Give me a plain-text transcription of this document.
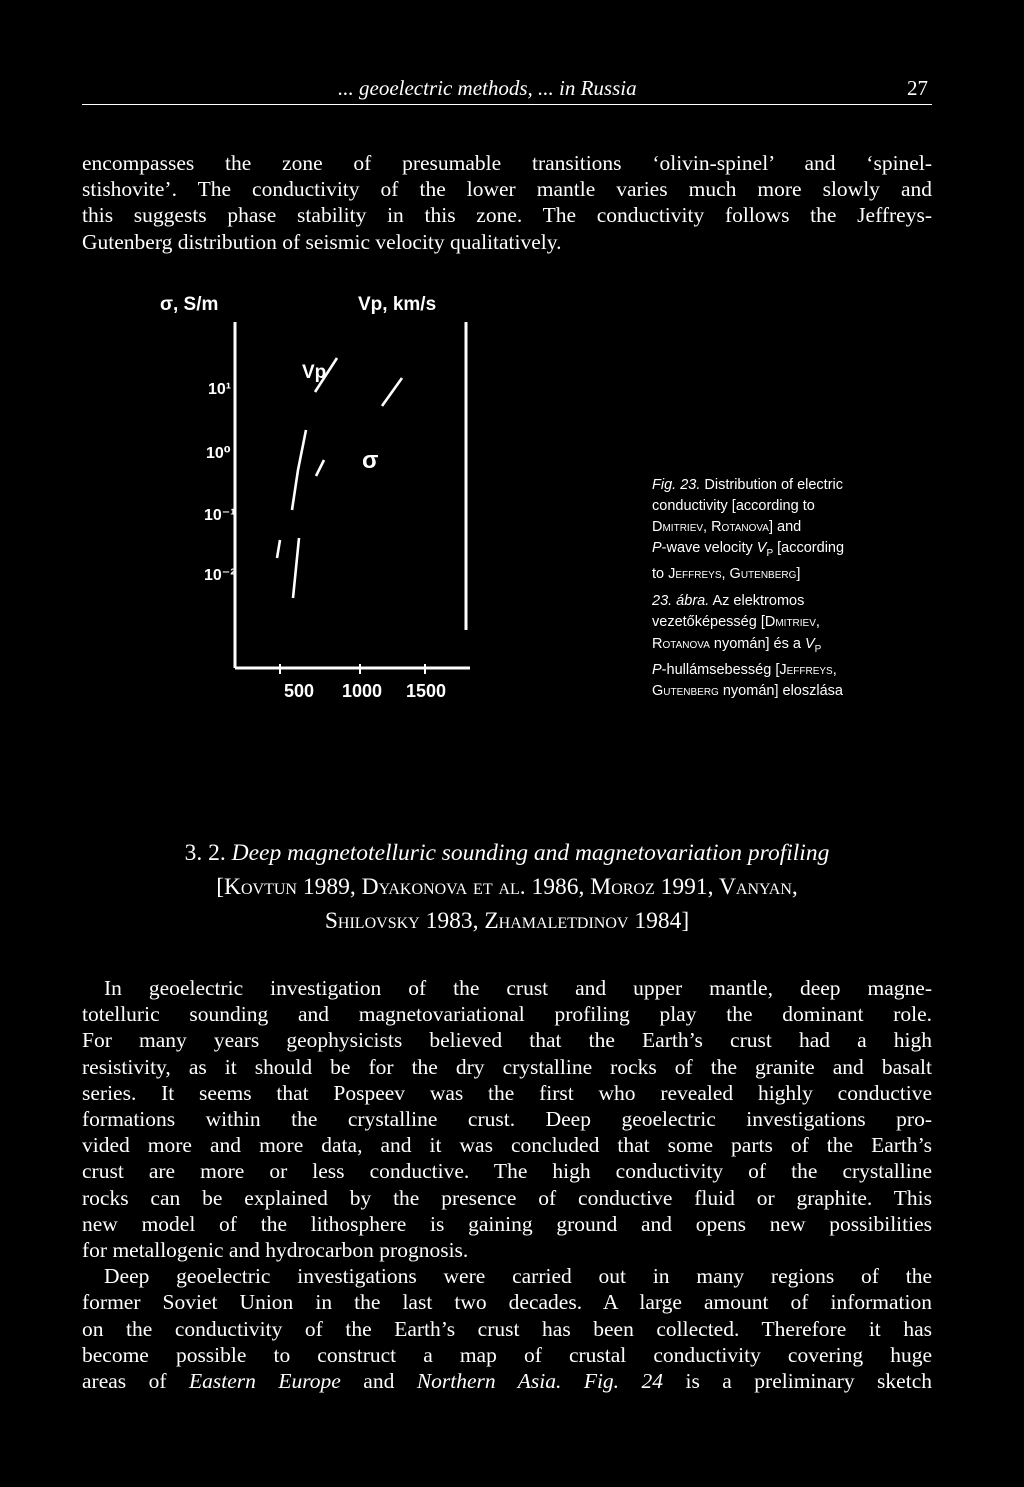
... geoelectric methods, ... in Russia	27
encompasses the zone of presumable transitions ‘olivin-spinel’ and ‘spinel-
stishovite’. The conductivity of the lower mantle varies much more slowly and
this suggests phase stability in this zone. The conductivity follows the Jeffreys-
Gutenberg distribution of seismic velocity qualitatively.
σ, S/m	Vp, km/s
10¹
10⁰
10⁻¹
10⁻²
500 1000 1500
Vp
σ
Fig. 23. Distribution of electric
conductivity [according to
Dmitriev, Rotanova] and
P-wave velocity $V_P$ [according
to Jeffreys, Gutenberg]
23. ábra. Az elektromos
vezetőképesség [Dmitriev,
Rotanova nyomán] és a $V_P$
P-hullámsebesség [Jeffreys,
Gutenberg nyomán] eloszlása
3. 2. Deep magnetotelluric sounding and magnetovariation profiling
[Kovtun 1989, Dyakonova et al. 1986, Moroz 1991, Vanyan,
Shilovsky 1983, Zhamaletdinov 1984]
In geoelectric investigation of the crust and upper mantle, deep magne-
totelluric sounding and magnetovariational profiling play the dominant role.
For many years geophysicists believed that the Earth’s crust had a high
resistivity, as it should be for the dry crystalline rocks of the granite and basalt
series. It seems that Pospeev was the first who revealed highly conductive
formations within the crystalline crust. Deep geoelectric investigations pro-
vided more and more data, and it was concluded that some parts of the Earth’s
crust are more or less conductive. The high conductivity of the crystalline
rocks can be explained by the presence of conductive fluid or graphite. This
new model of the lithosphere is gaining ground and opens new possibilities
for metallogenic and hydrocarbon prognosis.
Deep geoelectric investigations were carried out in many regions of the
former Soviet Union in the last two decades. A large amount of information
on the conductivity of the Earth’s crust has been collected. Therefore it has
become possible to construct a map of crustal conductivity covering huge
areas of Eastern Europe and Northern Asia. Fig. 24 is a preliminary sketch
